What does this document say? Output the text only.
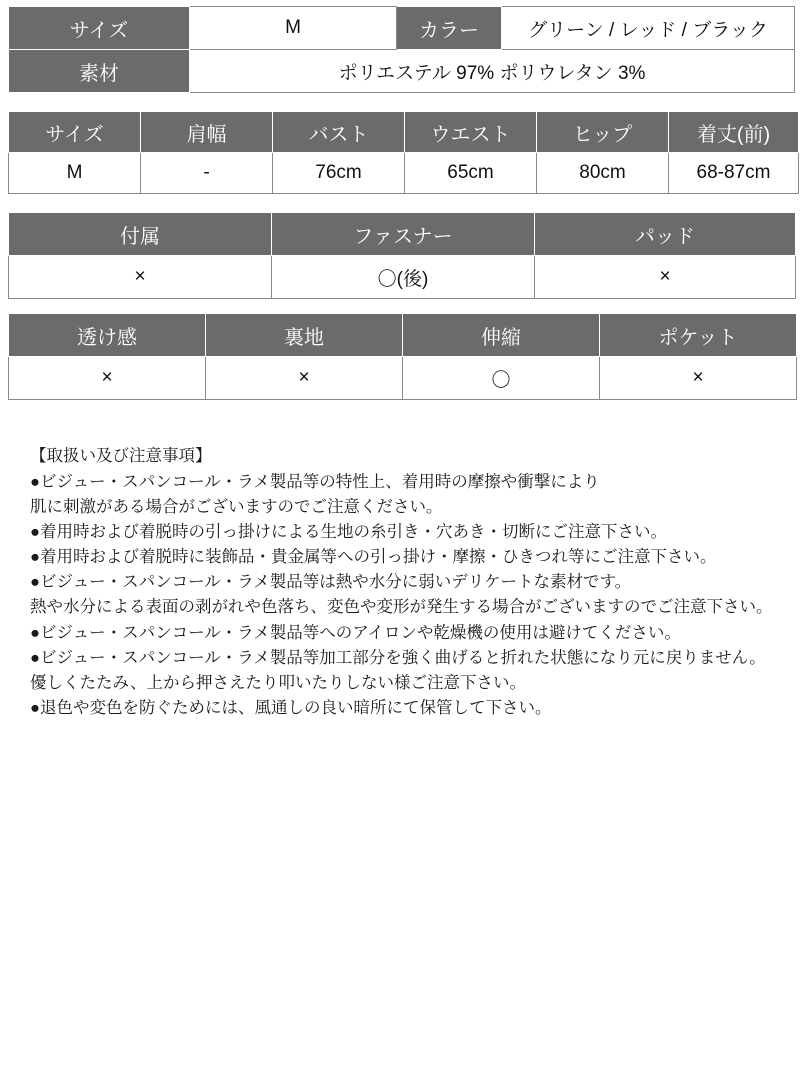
サイズ	M	カラー	グリーン / レッド / ブラック
素材	ポリエステル 97% ポリウレタン 3%		
サイズ	肩幅	バスト	ウエスト	ヒップ	着丈(前)
M	-	76cm	65cm	80cm	68-87cm
付属	ファスナー	パッド
×	〇(後)	×
透け感	裏地	伸縮	ポケット
×	×	〇	×
【取扱い及び注意事項】
●ビジュー・スパンコール・ラメ製品等の特性上、着用時の摩擦や衝撃により
肌に刺激がある場合がございますのでご注意ください。
●着用時および着脱時の引っ掛けによる生地の糸引き・穴あき・切断にご注意下さい。
●着用時および着脱時に装飾品・貴金属等への引っ掛け・摩擦・ひきつれ等にご注意下さい。
●ビジュー・スパンコール・ラメ製品等は熱や水分に弱いデリケートな素材です。
熱や水分による表面の剥がれや色落ち、変色や変形が発生する場合がございますのでご注意下さい。
●ビジュー・スパンコール・ラメ製品等へのアイロンや乾燥機の使用は避けてください。
●ビジュー・スパンコール・ラメ製品等加工部分を強く曲げると折れた状態になり元に戻りません。
優しくたたみ、上から押さえたり叩いたりしない様ご注意下さい。
●退色や変色を防ぐためには、風通しの良い暗所にて保管して下さい。
